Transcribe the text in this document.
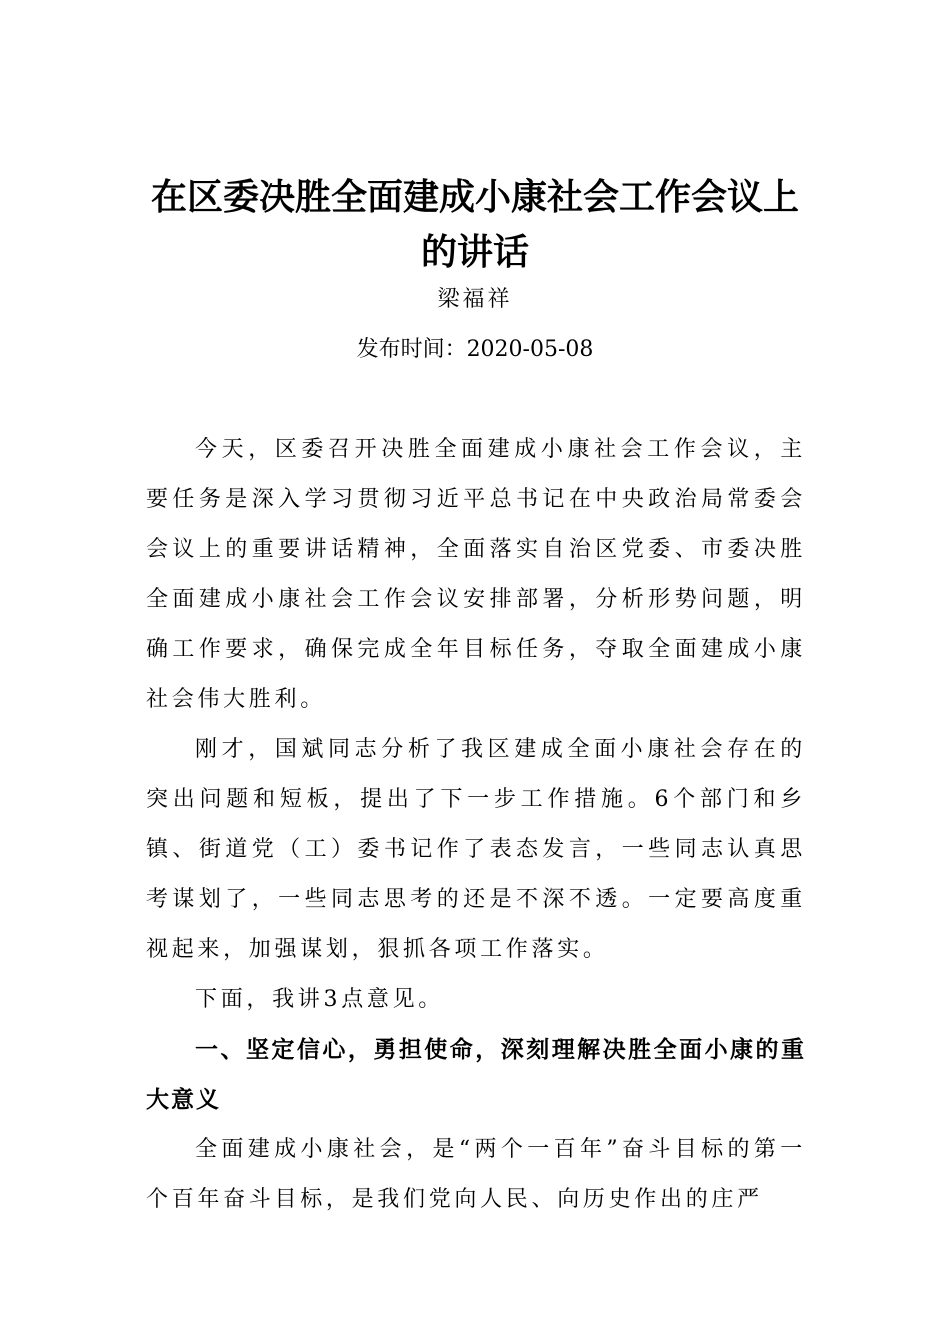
在区委决胜全面建成小康社会工作会议上
的讲话
梁福祥
发布时间：2020-05-08

今天，区委召开决胜全面建成小康社会工作会议，主要任务是深入学习贯彻习近平总书记在中央政治局常委会会议上的重要讲话精神，全面落实自治区党委、市委决胜全面建成小康社会工作会议安排部署，分析形势问题，明确工作要求，确保完成全年目标任务，夺取全面建成小康社会伟大胜利。

刚才，国斌同志分析了我区建成全面小康社会存在的突出问题和短板，提出了下一步工作措施。6个部门和乡镇、街道党（工）委书记作了表态发言，一些同志认真思考谋划了，一些同志思考的还是不深不透。一定要高度重视起来，加强谋划，狠抓各项工作落实。

下面，我讲3点意见。

一、坚定信心，勇担使命，深刻理解决胜全面小康的重大意义

全面建成小康社会，是“两个一百年”奋斗目标的第一个百年奋斗目标，是我们党向人民、向历史作出的庄严
